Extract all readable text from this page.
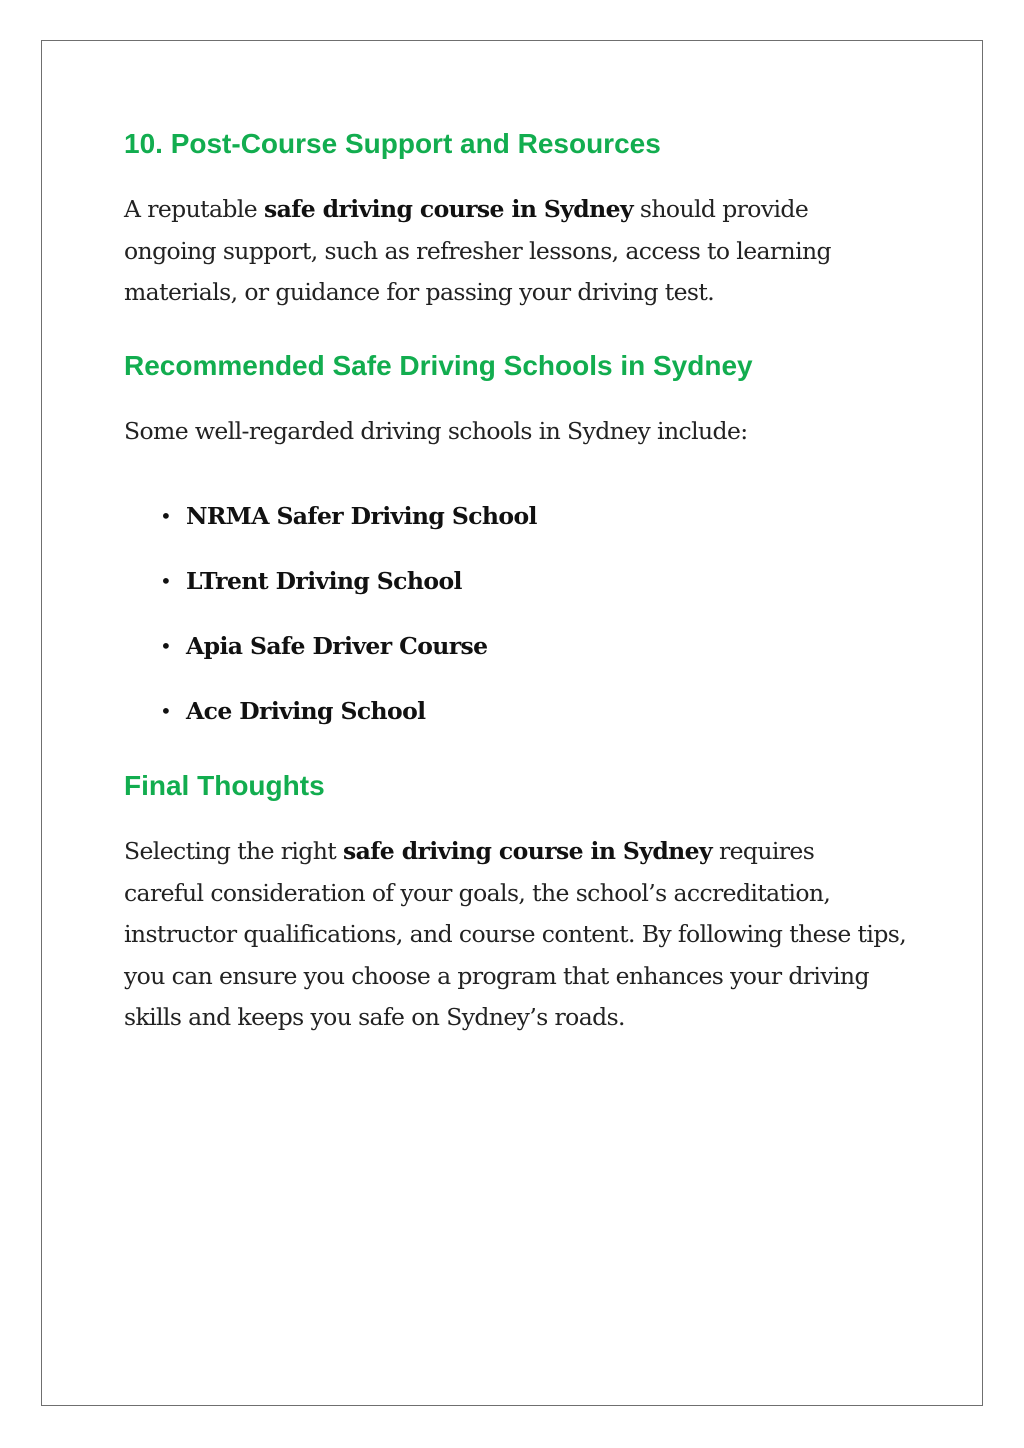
10. Post-Course Support and Resources
A reputable safe driving course in Sydney should provide
ongoing support, such as refresher lessons, access to learning
materials, or guidance for passing your driving test.
Recommended Safe Driving Schools in Sydney
Some well-regarded driving schools in Sydney include:
• NRMA Safer Driving School
• LTrent Driving School
• Apia Safe Driver Course
• Ace Driving School
Final Thoughts
Selecting the right safe driving course in Sydney requires
careful consideration of your goals, the school’s accreditation,
instructor qualifications, and course content. By following these tips,
you can ensure you choose a program that enhances your driving
skills and keeps you safe on Sydney’s roads.
